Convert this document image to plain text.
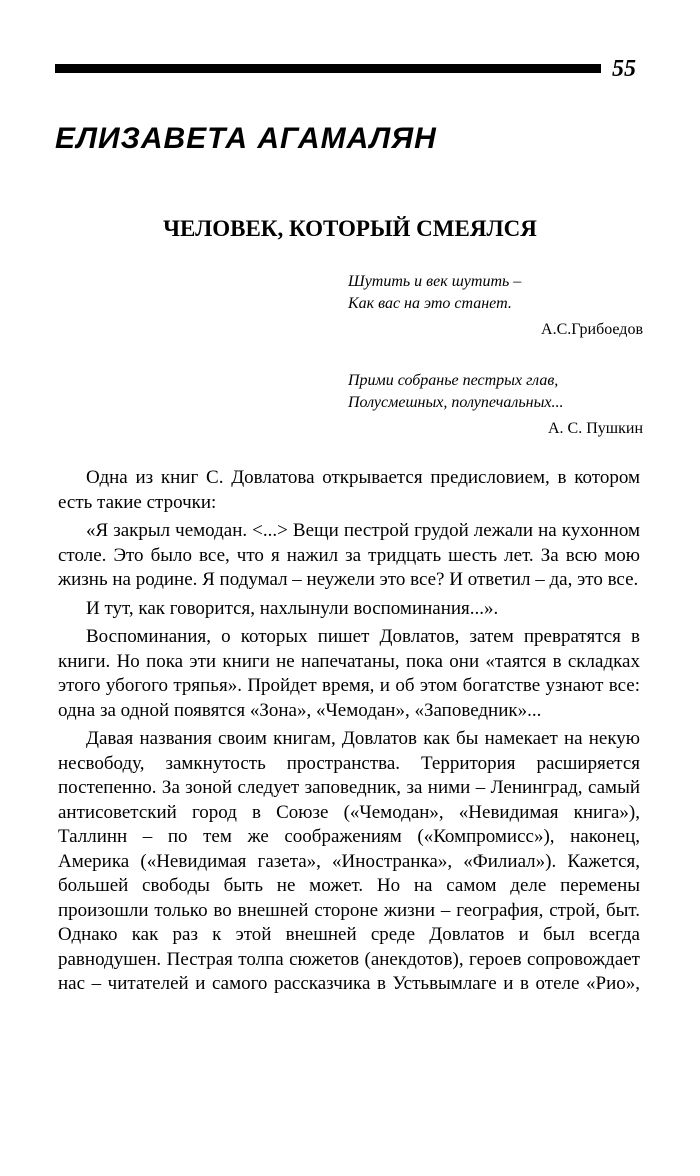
55
ЕЛИЗАВЕТА АГАМАЛЯН
ЧЕЛОВЕК, КОТОРЫЙ СМЕЯЛСЯ
Шутить и век шутить –
Как вас на это станет.
А.С.Грибоедов
Прими собранье пестрых глав,
Полусмешных, полупечальных...
А. С. Пушкин

Одна из книг С. Довлатова открывается предисловием, в котором есть такие строчки:

«Я закрыл чемодан. <...> Вещи пестрой грудой лежали на кухонном столе. Это было все, что я нажил за тридцать шесть лет. За всю мою жизнь на родине. Я подумал – неужели это все? И ответил – да, это все.

И тут, как говорится, нахлынули воспоминания...».

Воспоминания, о которых пишет Довлатов, затем превратятся в книги. Но пока эти книги не напечатаны, пока они «таятся в складках этого убогого тряпья». Пройдет время, и об этом богатстве узнают все: одна за одной появятся «Зона», «Чемодан», «Заповедник»...

Давая названия своим книгам, Довлатов как бы намекает на некую несвободу, замкнутость пространства. Территория расширяется постепенно. За зоной следует заповедник, за ними – Ленинград, самый антисоветский город в Союзе («Чемодан», «Невидимая книга»), Таллинн – по тем же соображениям («Компромисс»), наконец, Америка («Невидимая газета», «Иностранка», «Филиал»). Кажется, большей свободы быть не может. Но на самом деле перемены произошли только во внешней стороне жизни – география, строй, быт. Однако как раз к этой внешней среде Довлатов и был всегда равнодушен. Пестрая толпа сюжетов (анекдотов), героев сопровождает нас – читателей и самого рассказчика в Устьвымлаге и в отеле «Рио»,
